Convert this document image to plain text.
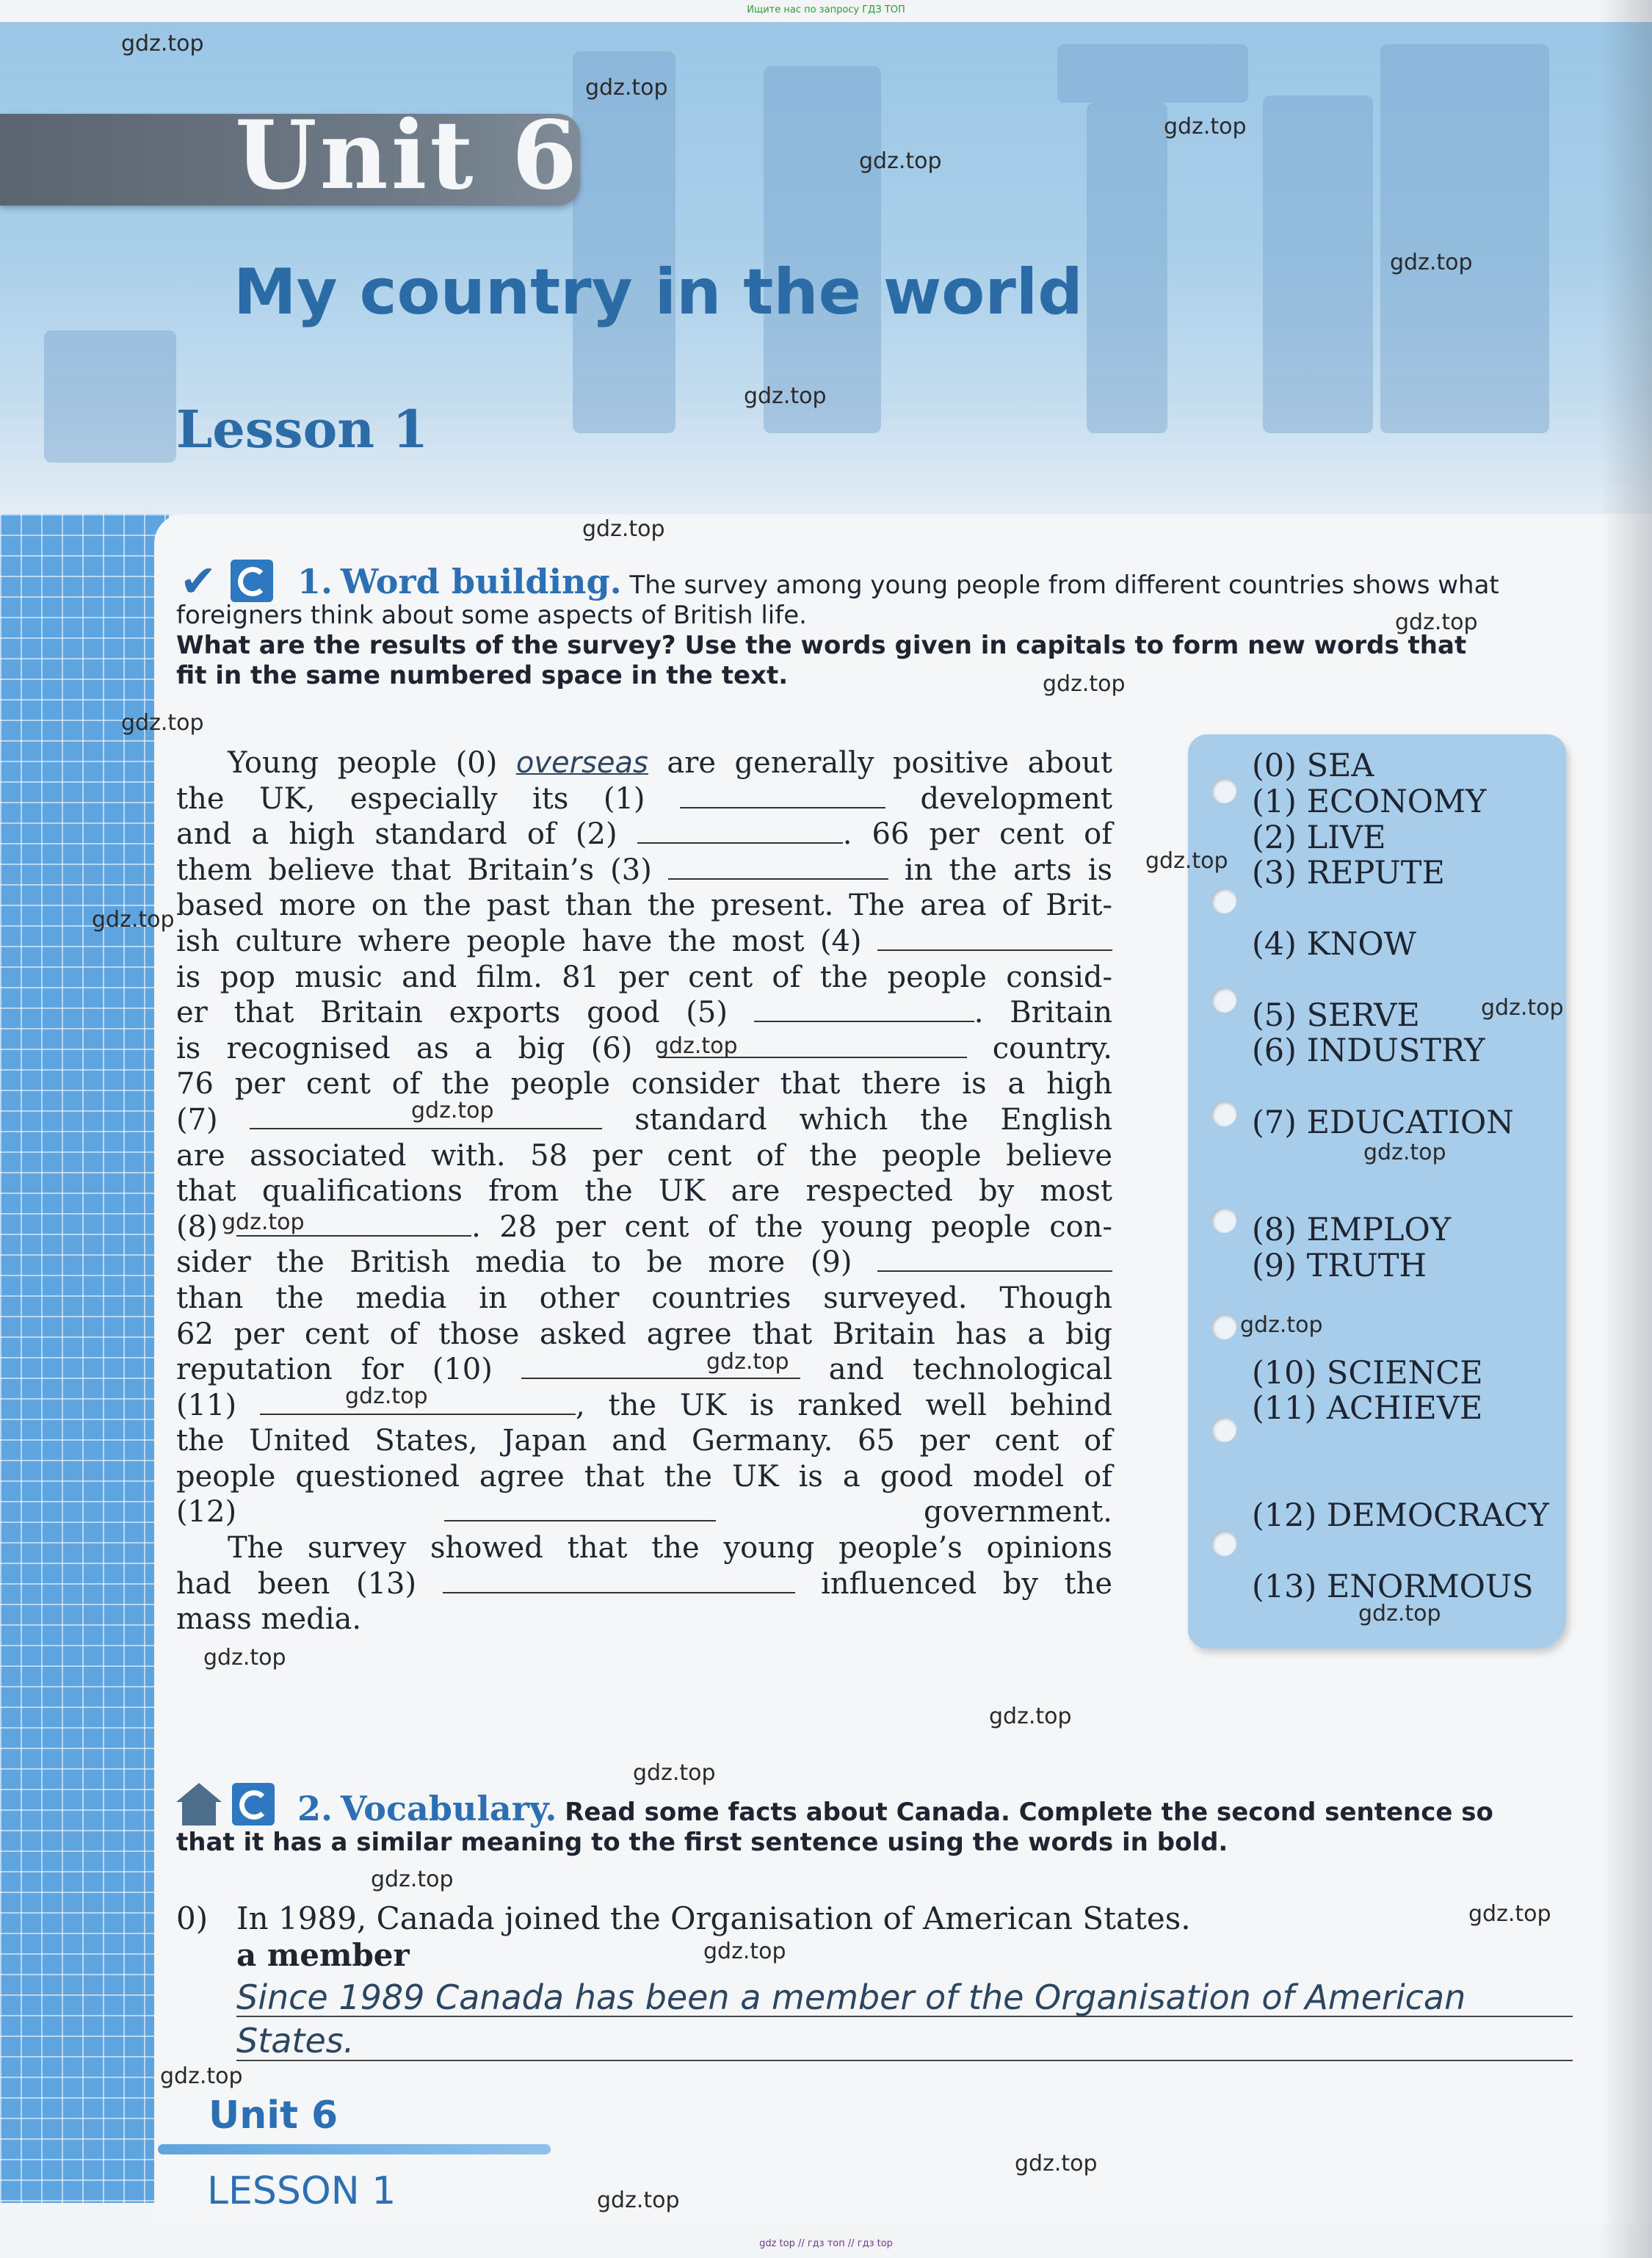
Ищите нас по запросу ГДЗ ТОП
Unit 6
My country in the world
Lesson 1
✔	1. Word building. The survey among young people from different countries shows what
foreigners think about some aspects of British life.
What are the results of the survey? Use the words given in capitals to form new words that
fit in the same numbered space in the text.
Young people (0) overseas are generally positive about
the UK, especially its (1)	development
and a high standard of (2)	. 66 per cent of
them believe that Britain’s (3)	in the arts is
based more on the past than the present. The area of Brit-
ish culture where people have the most (4)
is pop music and film. 81 per cent of the people consid-
er that Britain exports good (5)	. Britain
is recognised as a big (6)	country.
76 per cent of the people consider that there is a high
(7)	standard which the English
are associated with. 58 per cent of the people believe
that qualifications from the UK are respected by most
(8)	. 28 per cent of the young people con-
sider the British media to be more (9)
than the media in other countries surveyed. Though
62 per cent of those asked agree that Britain has a big
reputation for (10)	and technological
(11)	, the UK is ranked well behind
the United States, Japan and Germany. 65 per cent of
people questioned agree that the UK is a good model of
(12)	government.
The survey showed that the young people’s opinions
had been (13)	influenced by the
mass media.
(0) SEA
(1) ECONOMY
(2) LIVE
(3) REPUTE
(4) KNOW
(5) SERVE
(6) INDUSTRY
(7) EDUCATION
(8) EMPLOY
(9) TRUTH
(10) SCIENCE
(11) ACHIEVE
(12) DEMOCRACY
(13) ENORMOUS
2. Vocabulary. Read some facts about Canada. Complete the second sentence so
that it has a similar meaning to the first sentence using the words in bold.
0) In 1989, Canada joined the Organisation of American States.
a member
Since 1989 Canada has been a member of the Organisation of American
States.
Unit 6
LESSON 1
gdz top // гдз топ // гдз top
gdz.top
gdz.top
gdz.top
gdz.top
gdz.top
gdz.top
gdz.top
gdz.top
gdz.top
gdz.top
gdz.top
gdz.top
gdz.top
gdz.top
gdz.top
gdz.top
gdz.top
gdz.top
gdz.top
gdz.top
gdz.top
gdz.top
gdz.top
gdz.top
gdz.top
gdz.top
gdz.top
gdz.top
gdz.top
gdz.top
